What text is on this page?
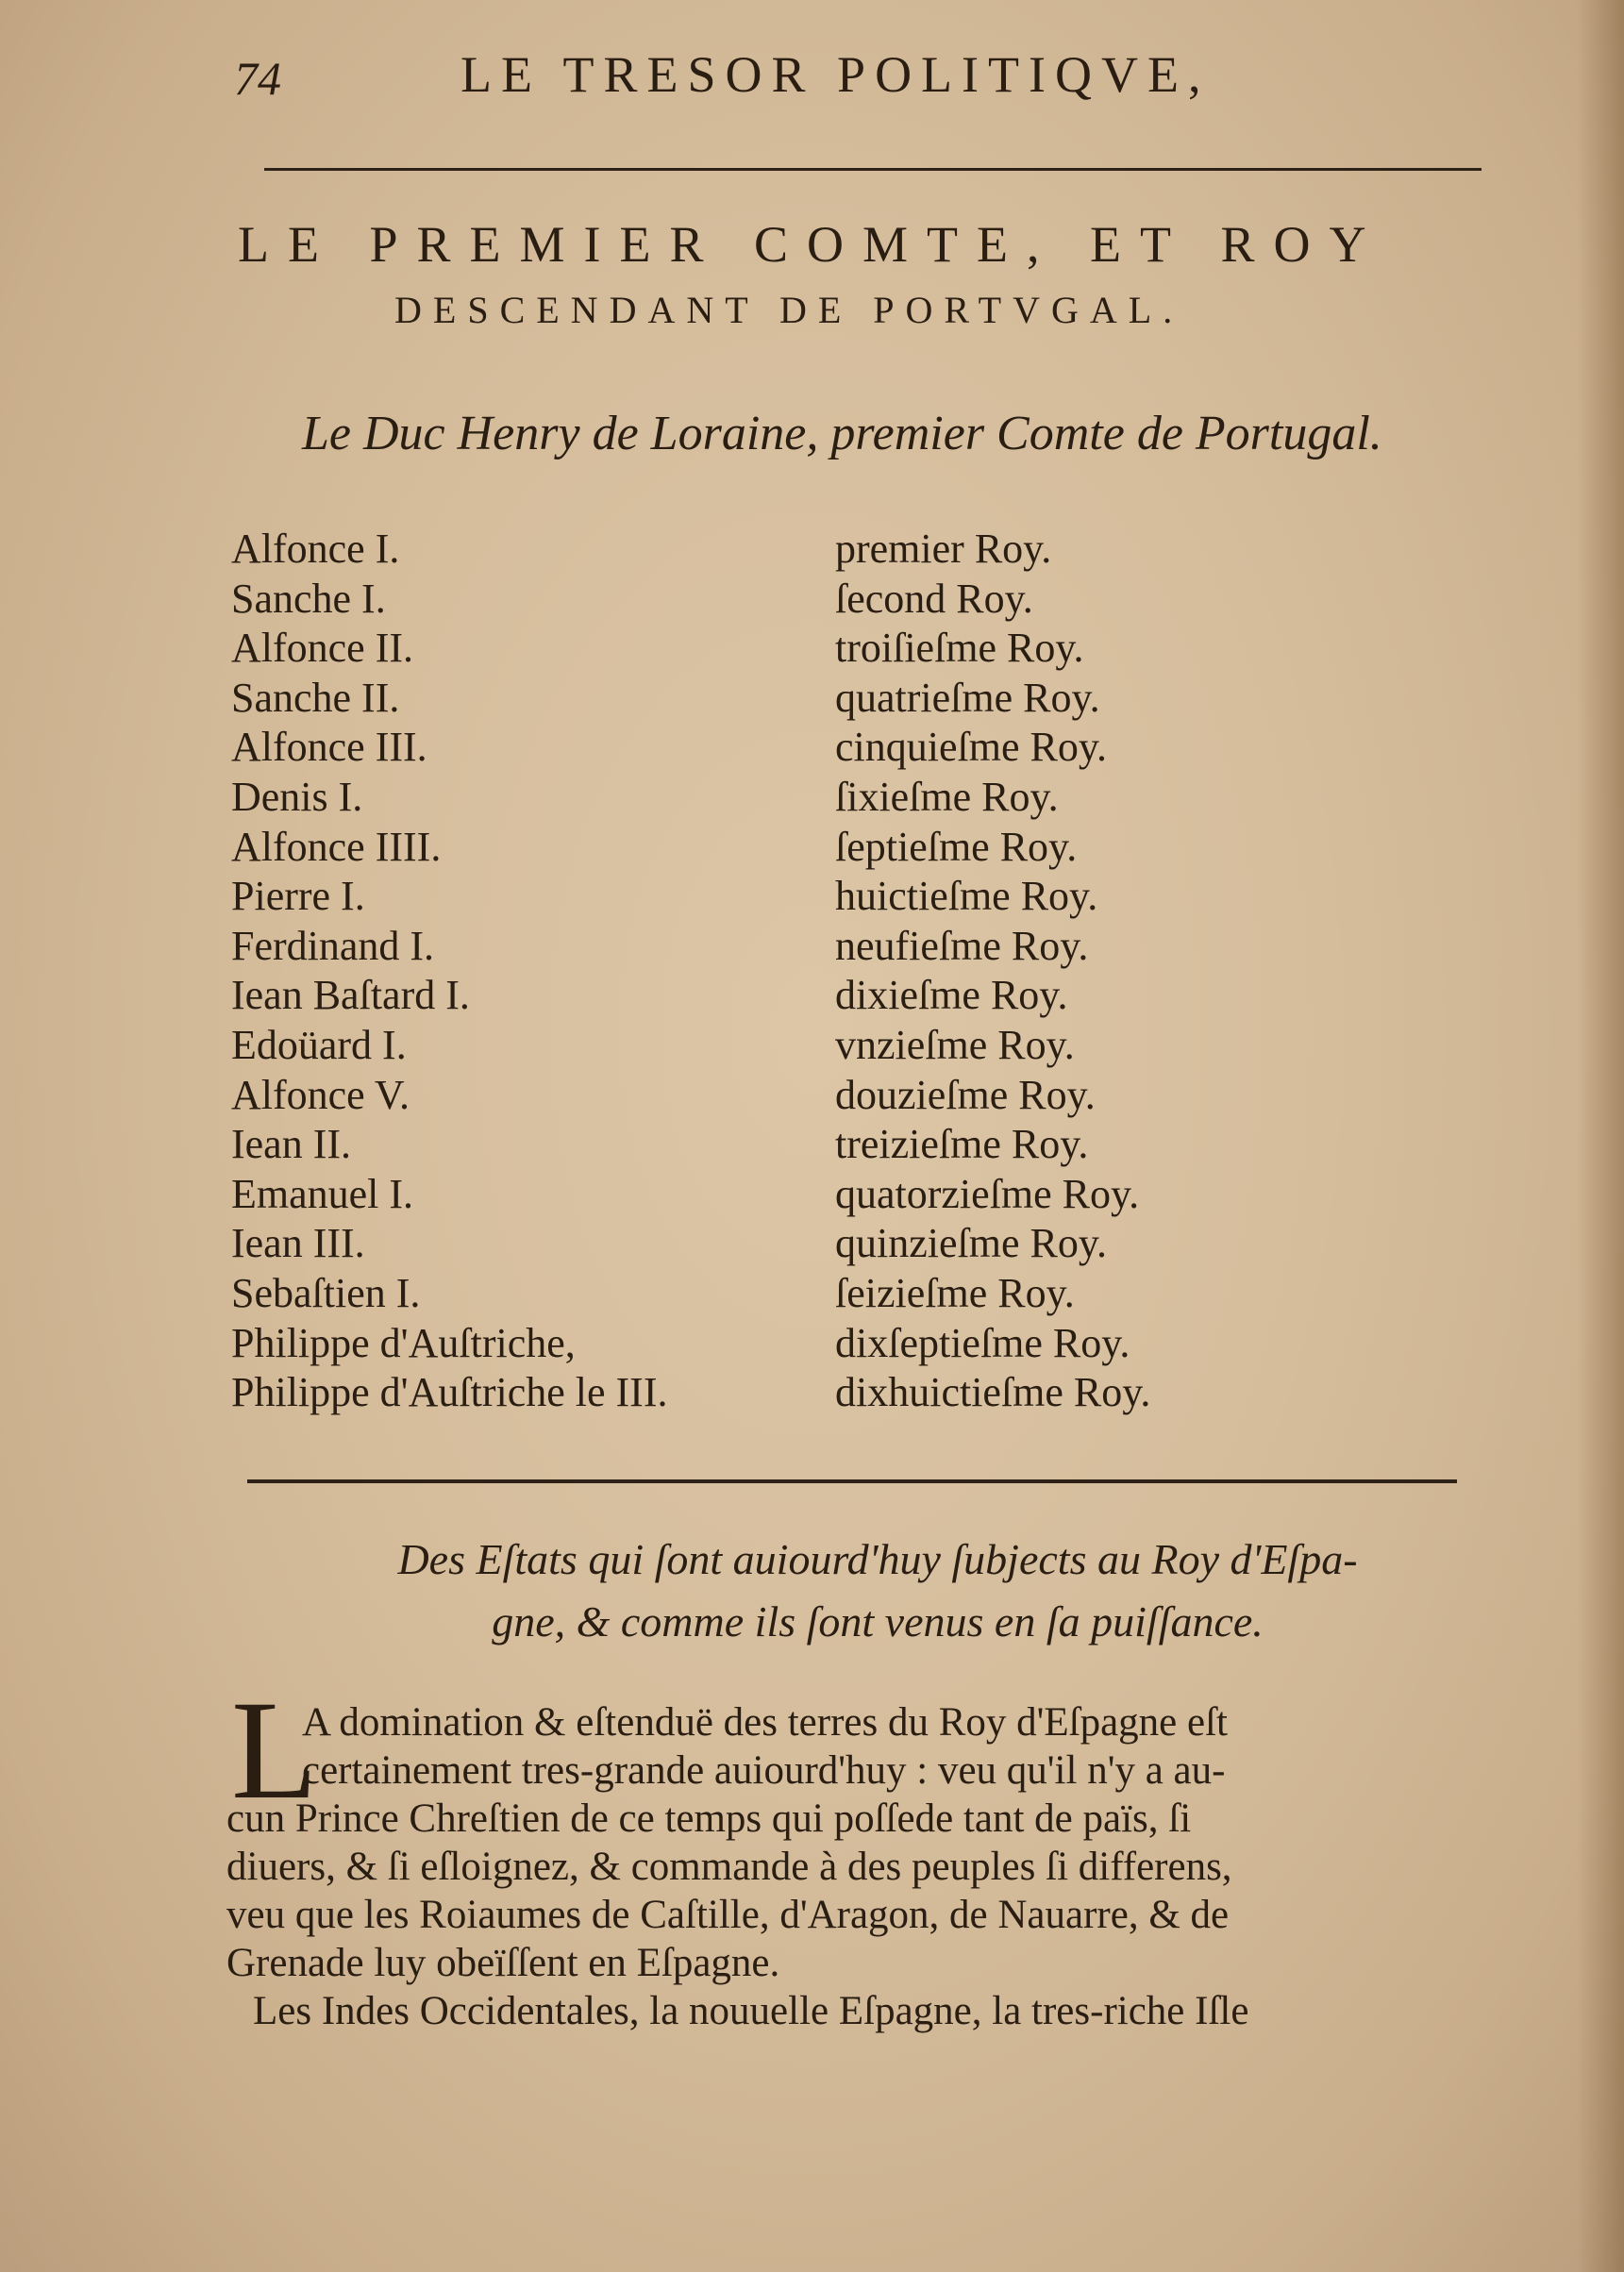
74	LE TRESOR POLITIQVE,
LE PREMIER COMTE, ET ROY
DESCENDANT DE PORTVGAL.
Le Duc Henry de Loraine, premier Comte de Portugal.
Alfonce I.	premier Roy.
Sanche I.	ſecond Roy.
Alfonce II.	troiſieſme Roy.
Sanche II.	quatrieſme Roy.
Alfonce III.	cinquieſme Roy.
Denis I.	ſixieſme Roy.
Alfonce IIII.	ſeptieſme Roy.
Pierre I.	huictieſme Roy.
Ferdinand I.	neufieſme Roy.
Iean Baſtard I.	dixieſme Roy.
Edoüard I.	vnzieſme Roy.
Alfonce V.	douzieſme Roy.
Iean II.	treizieſme Roy.
Emanuel I.	quatorzieſme Roy.
Iean III.	quinzieſme Roy.
Sebaſtien I.	ſeizieſme Roy.
Philippe d'Auſtriche,	dixſeptieſme Roy.
Philippe d'Auſtriche le III.	dixhuictieſme Roy.
Des Eſtats qui ſont auiourd'huy ſubjects au Roy d'Eſpa-
gne, & comme ils ſont venus en ſa puiſſance.
L
A domination & eſtenduë des terres du Roy d'Eſpagne eſt
certainement tres-grande auiourd'huy : veu qu'il n'y a au-
cun Prince Chreſtien de ce temps qui poſſede tant de païs, ſi
diuers, & ſi eſloignez, & commande à des peuples ſi differens,
veu que les Roiaumes de Caſtille, d'Aragon, de Nauarre, & de
Grenade luy obeïſſent en Eſpagne.
Les Indes Occidentales, la nouuelle Eſpagne, la tres-riche Iſle
